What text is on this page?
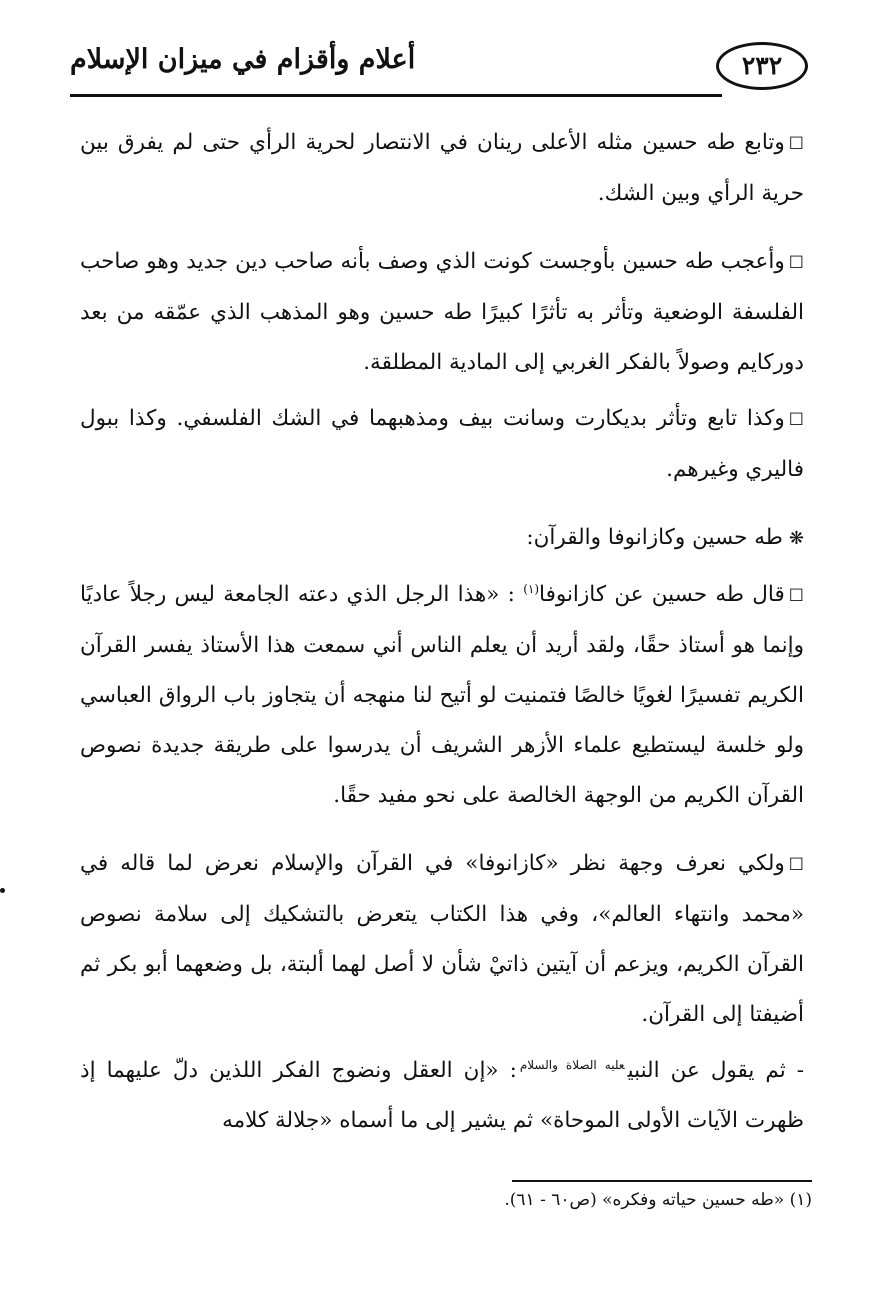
أعلام وأقزام في ميزان الإسلام	٢٣٢

☐وتابع طه حسين مثله الأعلى رينان في الانتصار لحرية الرأي حتى لم يفرق بين حرية الرأي وبين الشك.

☐وأعجب طه حسين بأوجست كونت الذي وصف بأنه صاحب دين جديد وهو صاحب الفلسفة الوضعية وتأثر به تأثرًا كبيرًا طه حسين وهو المذهب الذي عمّقه من بعد دوركايم وصولاً بالفكر الغربي إلى المادية المطلقة.

☐وكذا تابع وتأثر بديكارت وسانت بيف ومذهبهما في الشك الفلسفي. وكذا ببول فاليري وغيرهم.

❋طه حسين وكازانوفا والقرآن:

☐قال طه حسين عن كازانوفا$^{(١)}$ : «هذا الرجل الذي دعته الجامعة ليس رجلاً عاديًا وإنما هو أستاذ حقًا، ولقد أريد أن يعلم الناس أني سمعت هذا الأستاذ يفسر القرآن الكريم تفسيرًا لغويًا خالصًا فتمنيت لو أتيح لنا منهجه أن يتجاوز باب الرواق العباسي ولو خلسة ليستطيع علماء الأزهر الشريف أن يدرسوا على طريقة جديدة نصوص القرآن الكريم من الوجهة الخالصة على نحو مفيد حقًا.

☐ولكي نعرف وجهة نظر «كازانوفا» في القرآن والإسلام نعرض لما قاله في «محمد وانتهاء العالم»، وفي هذا الكتاب يتعرض بالتشكيك إلى سلامة نصوص القرآن الكريم، ويزعم أن آيتين ذاتيْ شأن لا أصل لهما ألبتة، بل وضعهما أبو بكر ثم أضيفتا إلى القرآن.

- ثم يقول عن النبي$^{عليه الصلاة والسلام}$: «إن العقل ونضوج الفكر اللذين دلّ عليهما إذ ظهرت الآيات الأولى الموحاة» ثم يشير إلى ما أسماه «جلالة كلامه

(١) «طه حسين حياته وفكره» (ص٦٠ - ٦١).
